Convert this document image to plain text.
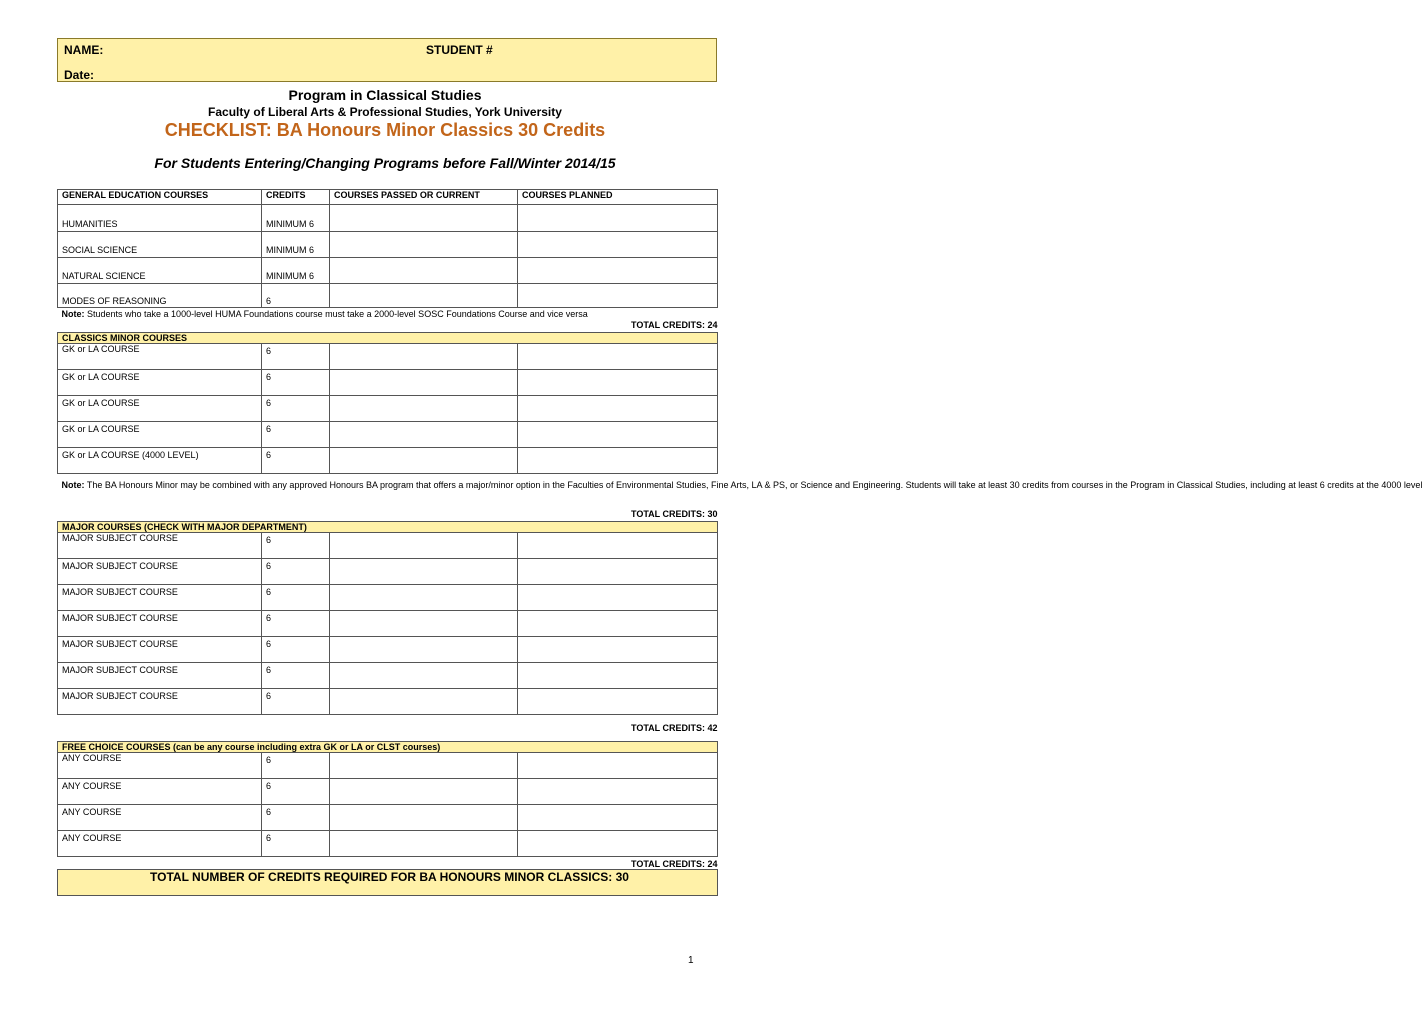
NAME:	STUDENT #
Date:
Program in Classical Studies
Faculty of Liberal Arts & Professional Studies, York University
CHECKLIST: BA Honours Minor Classics 30 Credits
For Students Entering/Changing Programs before Fall/Winter 2014/15
GENERAL EDUCATION COURSES	CREDITS	COURSES PASSED OR CURRENT	COURSES PLANNED

HUMANITIES	MINIMUM 6		

SOCIAL SCIENCE	MINIMUM 6		

NATURAL SCIENCE	MINIMUM 6		

MODES OF REASONING	6		

Note: Students who take a 1000-level HUMA Foundations course must take a 2000-level SOSC Foundations Course and vice versa			
TOTAL CREDITS: 24			
CLASSICS MINOR COURSES			
GK or LA COURSE	6		

GK or LA COURSE	6		

GK or LA COURSE	6		

GK or LA COURSE	6		

GK or LA COURSE (4000 LEVEL)	6		

Note: The BA Honours Minor may be combined with any approved Honours BA program that offers a major/minor option in the Faculties of Environmental Studies, Fine Arts, LA & PS, or Science and Engineering. Students will take at least 30 credits from courses in the Program in Classical Studies, including at least 6 credits at the 4000 level			
TOTAL CREDITS: 30			
MAJOR COURSES (CHECK WITH MAJOR DEPARTMENT)			
MAJOR SUBJECT COURSE	6		

MAJOR SUBJECT COURSE	6		

MAJOR SUBJECT COURSE	6		

MAJOR SUBJECT COURSE	6		

MAJOR SUBJECT COURSE	6		

MAJOR SUBJECT COURSE	6		

MAJOR SUBJECT COURSE	6		

TOTAL CREDITS: 42			
FREE CHOICE COURSES (can be any course including extra GK or LA or CLST courses)			
ANY COURSE	6		

ANY COURSE	6		

ANY COURSE	6		

ANY COURSE	6		

TOTAL CREDITS: 24			
TOTAL NUMBER OF CREDITS REQUIRED FOR BA HONOURS MINOR CLASSICS: 30			
1
